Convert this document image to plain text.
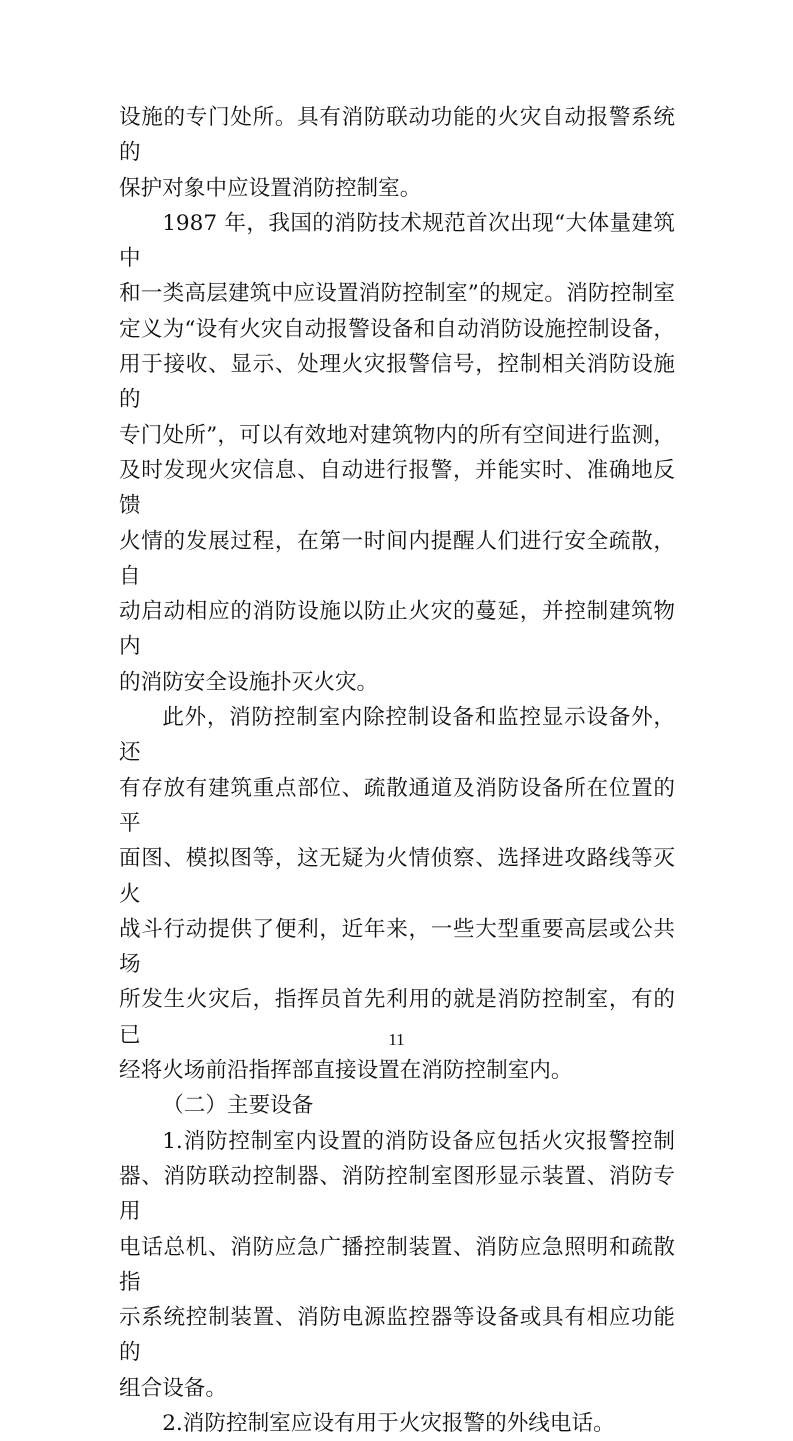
设施的专门处所。具有消防联动功能的火灾自动报警系统的

保护对象中应设置消防控制室。

1987 年，我国的消防技术规范首次出现“大体量建筑中

和一类高层建筑中应设置消防控制室”的规定。消防控制室

定义为“设有火灾自动报警设备和自动消防设施控制设备，

用于接收、显示、处理火灾报警信号，控制相关消防设施的

专门处所”，可以有效地对建筑物内的所有空间进行监测，

及时发现火灾信息、自动进行报警，并能实时、准确地反馈

火情的发展过程，在第一时间内提醒人们进行安全疏散，自

动启动相应的消防设施以防止火灾的蔓延，并控制建筑物内

的消防安全设施扑灭火灾。

此外，消防控制室内除控制设备和监控显示设备外，还

有存放有建筑重点部位、疏散通道及消防设备所在位置的平

面图、模拟图等，这无疑为火情侦察、选择进攻路线等灭火

战斗行动提供了便利，近年来，一些大型重要高层或公共场

所发生火灾后，指挥员首先利用的就是消防控制室，有的已

经将火场前沿指挥部直接设置在消防控制室内。

（二）主要设备

1.消防控制室内设置的消防设备应包括火灾报警控制

器、消防联动控制器、消防控制室图形显示装置、消防专用

电话总机、消防应急广播控制装置、消防应急照明和疏散指

示系统控制装置、消防电源监控器等设备或具有相应功能的

组合设备。

2.消防控制室应设有用于火灾报警的外线电话。

11
